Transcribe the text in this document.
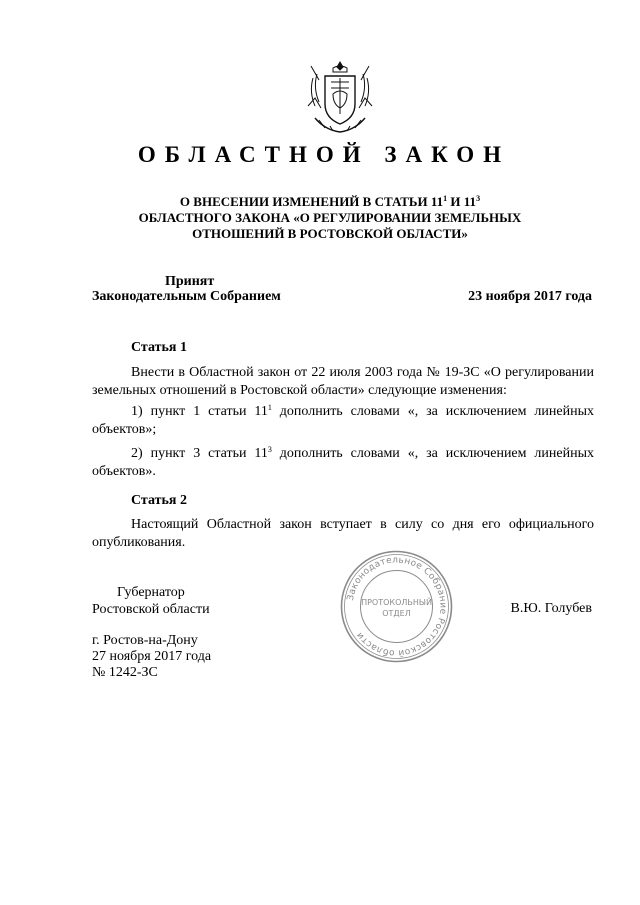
ОБЛАСТНОЙ ЗАКОН
О ВНЕСЕНИИ ИЗМЕНЕНИЙ В СТАТЬИ $11^1$ И $11^3$
ОБЛАСТНОГО ЗАКОНА «О РЕГУЛИРОВАНИИ ЗЕМЕЛЬНЫХ
ОТНОШЕНИЙ В РОСТОВСКОЙ ОБЛАСТИ»
Принят
Законодательным Собранием	23 ноября 2017 года
Статья 1

Внести в Областной закон от 22 июля 2003 года № 19-ЗС «О регулировании земельных отношений в Ростовской области» следующие изменения:

1) пункт 1 статьи $11^1$ дополнить словами «, за исключением линейных объектов»;

2) пункт 3 статьи $11^3$ дополнить словами «, за исключением линейных объектов».

Статья 2

Настоящий Областной закон вступает в силу со дня его официального опубликования.

Законодательное Собрание Ростовской области
ПРОТОКОЛЬНЫЙ
ОТДЕЛ
Губернатор
Ростовской области	В.Ю. Голубев
г. Ростов-на-Дону
27 ноября 2017 года
№ 1242-ЗС
